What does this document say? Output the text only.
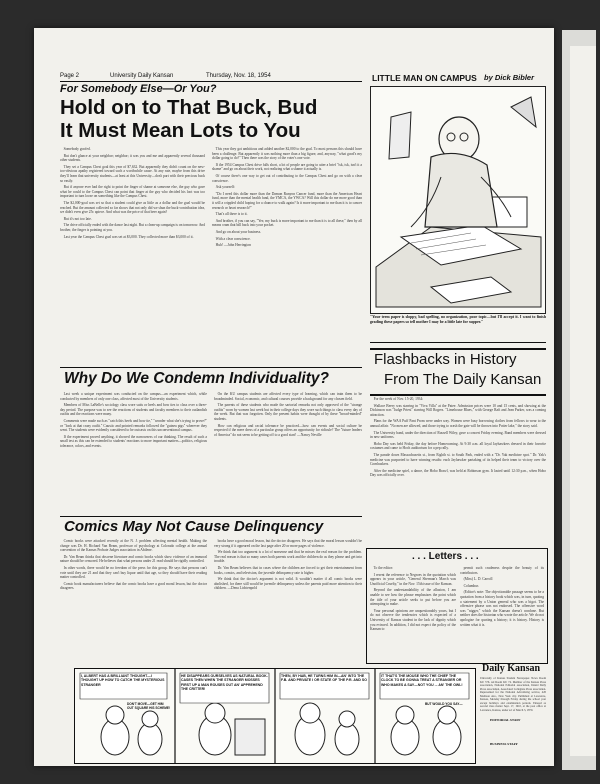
Page 2	University Daily Kansan	Thursday, Nov. 18, 1954
For Somebody Else—Or You?
Hold on to That Buck, Bud
It Must Mean Lots to You

 Somebody goofed.

 But don't glance at your neighbor; neighbor; it was you and me and apparently several thousand other students.

 They set a Campus Chest goal this year of $7,632. But apparently they didn't count on the new-too-obvious apathy registered toward such a worthwhile cause. At any rate, maybe from this drive they'll learn that university students—at least at this University—don't part with their precious buck so easily.

 But if anyone ever had the right to point the finger of shame at someone else, the guy who gave what he could to the Campus Chest can point that finger at the guy who decided his loot was too important to turn loose on something like the Campus Chest.

 The $2,000-goal was set so that a student could give as little as a dollar and the goal would be reached. But the amount collected so far shows that not only did we shun the buck-contribution idea, we didn't even give 25c apiece. And what was the price of that beer again?

 But it's not too late.

 The drive officially ended with the dance last night. But a clean-up campaign is on tomorrow. And brother, the finger is pointing at you.

 Last year the Campus Chest goal was set at $3,000. They collected more than $3,000 of it.

 This year they got ambitious and added another $2,000 to the goal. To most persons this should have been a challenge. But apparently it was nothing more than a big figure, and, anyway, "what good's my dollar going to do?" Then there was the story of the voter's one vote.

 If the 1954 Campus Chest drive falls short, a lot of people are going to utter a brief "tsk, tsk, isn't it a shame" and go on about their work, not realizing what a shame it actually is.

 Of course there's one way to get out of contributing to the Campus Chest and go on with a clear conscience.

 Ask yourself:

 "Do I need this dollar more than the Damon Runyon Cancer fund, more than the American Heart fund, more than the mental health fund, the YMCA, the YWCA? Will this dollar do me more good than it will a crippled child hoping for a chance to walk again? Is it more important to me than it is to cancer research or heart research?"

 That's all there is to it.

 And brother, if you can say, "Yes; my buck is more important to me than it is to all these," then by all means cram that bill back into your pocket.

 And go on about your business.

 With a clear conscience.

 Huh! —John Herrington

LITTLE MAN ON CAMPUS by Dick Bibler
"Your term paper is sloppy, bad spelling, no organization, poor topic—but I'll accept it. I want to finish grading these papers so tell mother I may be a little late for supper."
Why Do We Condemn Individuality?

 Last week a unique experiment was conducted on the campus—an experiment which, while conducted by members of only one class, affected most of the University students.

 Members of Miss LaBelle's sociology class wore suits or heels and bow ties to class over a three-day period. The purpose was to see the reactions of students and faculty members to their outlandish outfits and the reactions were many.

 Comments were made such as "catch this heels and bow tie," "wonder what she's trying to prove?" or "look at that crazy outfit." Caustic and pointed remarks followed the "guinea pigs" wherever they went. The students were evidently considered to be outcasts on this unconventional campus.

 If the experiment proved anything, it showed the narrowness of our thinking. The result of such a small test as this can be extended to students' reactions to more important matters—politics, religious tolerance, colors, and events.

 On the KU campus students are affected every type of learning, which can train them to be broadminded. Social, economic, and cultural courses provide a background for any chosen field.

 The parents of these students who made the sartorial remarks not only approved of the "strange outfits" worn by women last week but in their college days they wore such things to class every day of the week. But that was forgotten. Only the present habits were thought of by these "broad-minded" students.

 How can religious and racial tolerance be practiced—how can events and social culture be respected if the mere dress of a particular group offers an opportunity for ridicule? The "future leaders of America" do not seem to be getting off to a good start! —Nancy Neville

Flashbacks in History
From The Daily Kansan

 For the week of Nov. 15-20, 1934:

 Wallace Beery was starring in "Viva Villa" at the Patee. Admission prices were 10 and 15 cents, and showing at the Dickinson was "Judge Priest" starring Will Rogers. "Limehouse Blues," with George Raft and Jean Parker, was a coming attraction.

 Plans for the WAA Puff Pant Prom were under way. Women were busy borrowing clothes from fellows to wear to the annual affair. "No men are allowed, and those trying to crash the gate will be thrown into Potter lake," the story said.

 The University band, under the direction of Russell Wiley, gave a concert Friday evening. Band members were dressed in new uniforms.

 Hobo Day was held Friday, the day before Homecoming. At 9:30 a.m. all loyal Jayhawkers dressed in their favorite costumes and came to Hoch auditorium for a pep rally.

 The parade down Massachusetts st., from Eighth st. to South Park, ended with a "Dr. Yak medicine spot." Dr. Yak's medicine was purported to have winning results: each Jayhawker partaking of its helped their team to victory over the Cornhuskers.

 After the medicine spiel, a dance, the Hobo Brawl, was held at Robinson gym. It lasted until 12:30 p.m., when Hobo Day was officially over.

Comics May Not Cause Delinquency

 Comic books were attacked recently at the N. J. problem affecting mental health. Making the charge was Dr. H. Richard Van Beam, professor of psychology at Colorado college at the annual convention of the Kansas Probate Judges association in Abilene.

 Dr. Van Beam thinks that obscene literature and comic books which show violence of an immoral nature should be censored. He believes that what persons under 21 read should be rigidly controlled.

 In other words, there would be no freedom of the press for this group. He says that persons can't vote until they are 21 and that they can't buy liquor until that age, so they should have their reading matter controlled.

 Comic book manufacturers believe that the comic books have a good moral lesson, but the doctor disagrees.

 books have a good moral lesson, but the doctor disagrees. He says that the moral lesson wouldn't be very strong if it appeared on the last page after 20 or more pages of violence.

 We think that too argument is a lot of nonsense and that he misses the real reason for the problem. The real reason is that so many cases both parents work and the children do as they please and get into trouble.

 Dr. Van Beam believes that in cases where the children are forced to get their entertainment from books, comics, and television, the juvenile delinquency rate is higher.

 We think that the doctor's argument is not valid. It wouldn't matter if all comic books were abolished, for there still would be juvenile delinquency unless the parents paid more attention to their children. —Dena Lichtenpold

. . . Letters . . .

 To the editor:

 I resent the reference to Negroes in the quotation which appears in your article, "General Sherman's March was Unofficial Cruelty," in the Nov. 15th issue of the Kansan.

 Beyond the understandability of the allusion, I am unable to see how the phrase emphasizes the point which the title of your article seeks to put before you are attempting to make.

 Your personal opinions are unquestionably yours, but I do not observe the tendencies which is expected of a University of Kansas student in the lack of dignity which you evinced. In addition, I did not expect the policy of the Kansan to

 permit such crudeness despite the beauty of its contributors.

 (Miss) L. D. Carroll

 Columbus

 (Editor's note: The objectionable passage seems to be a quotation from a history book which was, in turn, quoting a statement by a Union general who was a bigot. The offensive phrase was not endorsed. The offensive word was "nigger," which the Kansan doesn't condone. But neither does the historian who wrote the article. We do not apologize for quoting a history; it is history. History is written what it is.

Daily Kansan
University of Kansas Student Newspaper. News Room KU 376. Ad Room KU 74. Member of the Kansas Press association, National Editorial association, Inland Daily Press association, Associated Collegiate Press association. Represented for the National Advertising service, 420 Madison Ave., New York city. Published at Lawrence, Kansas, Monday through Friday during the school year except holidays and examination periods. Entered as second class matter Sept. 17, 1910, at the post office at Lawrence, Kansas, under act of March 3, 1879.
EDITORIAL STAFF
BUSINESS STAFF
I, ALBERT HAS A BRILLIANT THOUGHT—I THOUGHT UP HOW TO CATCH THE MYSTERIOUS STRANGER
DON'T MOVE—GET HIM OUT SQUARE HIS SCHEME!
HE DISAPPEARS OURSELVES AS NATURAL BOOK-CASES THEN WHEN THE STRANGER MOSSES FIRST UP A MAN ROUSES OUT AN' APPREHEND THE CRITTER!
THEN, BY HAB, HE TURNS HIM IN—AN' INTO THE F.B. AND PRIVATE I OR STATE OF THE P.R. AND SO
IT THAT'S THE MOUSE WHO THE CHIEF THE CLOCK TO BE GONNA TREAT A STRANGER OR WHO MAKES A SAY—NOT YOU ... AN' THE OWL!
BUT WOULD YOU SAY—
